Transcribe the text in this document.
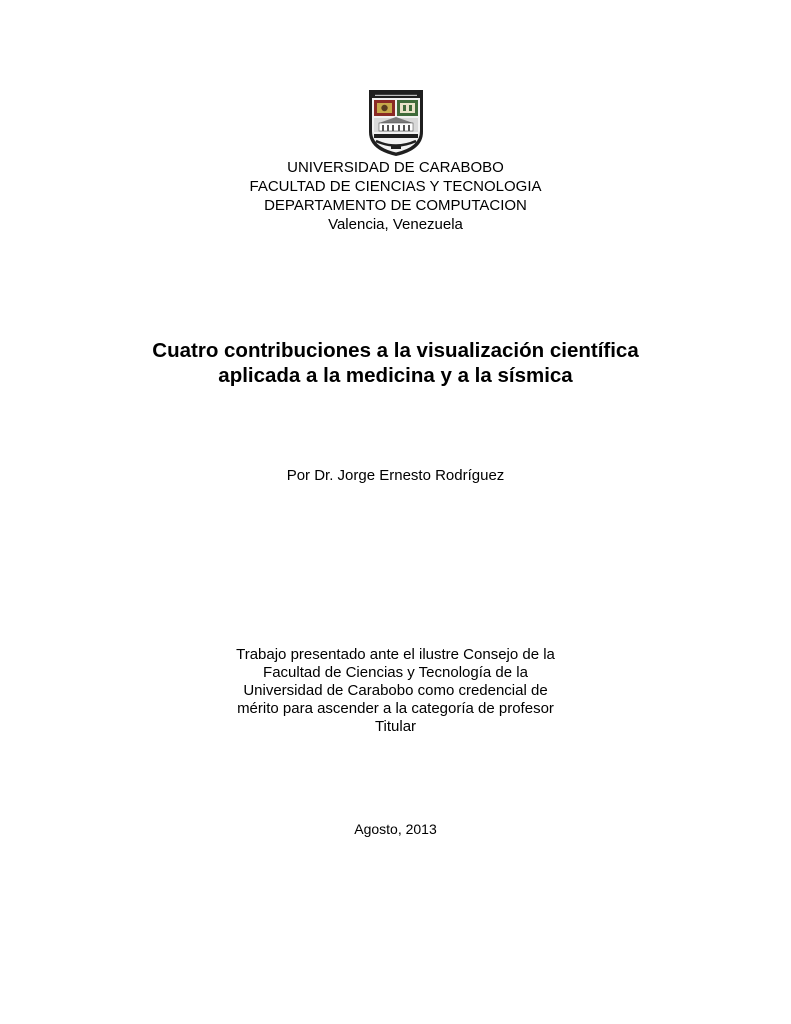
UNIVERSIDAD DE CARABOBO
FACULTAD DE CIENCIAS Y TECNOLOGIA
DEPARTAMENTO DE COMPUTACION
Valencia, Venezuela
Cuatro contribuciones a la visualización científica
aplicada a la medicina y a la sísmica
Por Dr. Jorge Ernesto Rodríguez
Trabajo presentado ante el ilustre Consejo de la
Facultad de Ciencias y Tecnología de la
Universidad de Carabobo como credencial de
mérito para ascender a la categoría de profesor
Titular
Agosto, 2013
